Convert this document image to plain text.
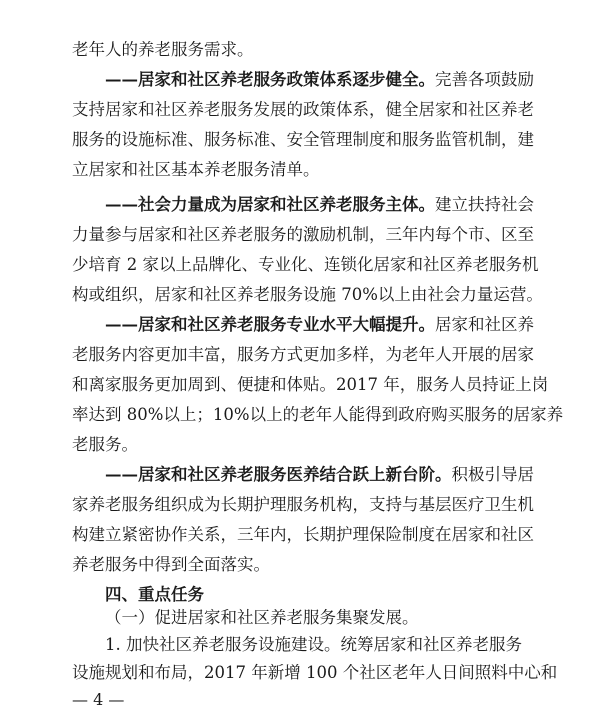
老年人的养老服务需求。
——居家和社区养老服务政策体系逐步健全。完善各项鼓励
支持居家和社区养老服务发展的政策体系，健全居家和社区养老
服务的设施标准、服务标准、安全管理制度和服务监管机制，建
立居家和社区基本养老服务清单。
——社会力量成为居家和社区养老服务主体。建立扶持社会
力量参与居家和社区养老服务的激励机制，三年内每个市、区至
少培育 2 家以上品牌化、专业化、连锁化居家和社区养老服务机
构或组织，居家和社区养老服务设施 70%以上由社会力量运营。
——居家和社区养老服务专业水平大幅提升。居家和社区养
老服务内容更加丰富，服务方式更加多样，为老年人开展的居家
和离家服务更加周到、便捷和体贴。2017 年，服务人员持证上岗
率达到 80%以上；10%以上的老年人能得到政府购买服务的居家养
老服务。
——居家和社区养老服务医养结合跃上新台阶。积极引导居
家养老服务组织成为长期护理服务机构，支持与基层医疗卫生机
构建立紧密协作关系，三年内，长期护理保险制度在居家和社区
养老服务中得到全面落实。
四、重点任务
（一）促进居家和社区养老服务集聚发展。
1. 加快社区养老服务设施建设。统筹居家和社区养老服务
设施规划和布局，2017 年新增 100 个社区老年人日间照料中心和
— 4 —
